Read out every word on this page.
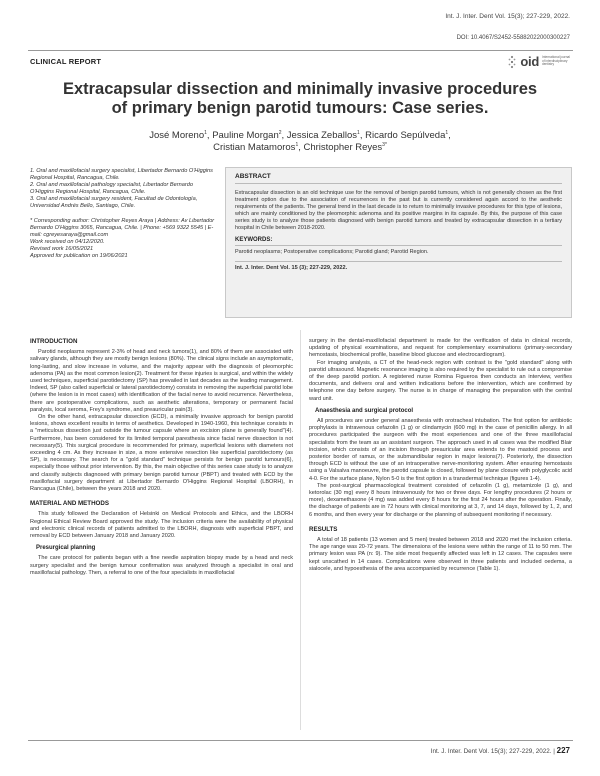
Int. J. Inter. Dent Vol. 15(3); 227-229, 2022.
DOI: 10.4067/S2452-55882022000300227
CLINICAL REPORT	oid International journal of interdisciplinary dentistry
Extracapsular dissection and minimally invasive procedures
of primary benign parotid tumours: Case series.
José Moreno$^1$, Pauline Morgan$^2$, Jessica Zeballos$^1$, Ricardo Sepúlveda$^1$,
Cristian Matamoros$^1$, Christopher Reyes$^{3*}$

1. Oral and maxillofacial surgery specialist, Libertador Bernardo O'Higgins Regional Hospital, Rancagua, Chile.

2. Oral and maxillofacial pathology specialist, Libertador Bernardo O'Higgins Regional Hospital, Rancagua, Chile.

3. Oral and maxillofacial surgery resident, Facultad de Odontología, Universidad Andrés Bello, Santiago, Chile.

* Corresponding author: Christopher Reyes Araya | Address: Av Libertador Bernardo O'Higgins 3065, Rancagua, Chile. | Phone: +569 9322 5545 | E-mail: cgreyesaraya@gmail.com

Work received on 04/12/2020.

Revised work 16/05/2021

Approved for publication on 19/06/2021

ABSTRACT
Extracapsular dissection is an old technique use for the removal of benign parotid tumours, which is not generally chosen as the first treatment option due to the association of recurrences in the past but is currently considered again accord to the aesthetic requirements of the patients. The general trend in the last decade is to return to minimally invasive procedures for this type of lesions, which are mainly conditioned by the pleomorphic adenoma and its positive margins in its capsule. By this, the purpose of this case series study is to analyze those patients diagnosed with benign parotid tumors and treated by extracapsular dissection in a tertiary hospital in Chile between 2018-2020.
KEYWORDS:
Parotid neoplasms; Postoperative complications; Parotid gland; Parotid Region.
Int. J. Inter. Dent Vol. 15 (3); 227-229, 2022.
INTRODUCTION

Parotid neoplasms represent 2-3% of head and neck tumors(1), and 80% of them are associated with salivary glands, although they are mostly benign lesions (80%). The clinical signs include an asymptomatic, long-lasting, and slow increase in volume, and the majority appear with the diagnosis of pleomorphic adenoma (PA) as the most common lesion(2). Treatment for these injuries is surgical, and within the widely used techniques, superficial parotidectomy (SP) has prevailed in last decades as the leading management. Indeed, SP (also called superficial or lateral parotidectomy) consists in removing the superficial parotid lobe (where the lesion is in most cases) with identification of the facial nerve to avoid recurrence. Nevertheless, there are postoperative complications, such as aesthetic alterations, temporary or permanent facial paralysis, local seroma, Frey's syndrome, and preauricular pain(3).

On the other hand, extracapsular dissection (ECD), a minimally invasive approach for benign parotid lesions, shows excellent results in terms of aesthetics. Developed in 1940-1960, this technique consists in a "meticulous dissection just outside the tumour capsule where an excision plane is generally found"(4). Furthermore, has been considered for its limited temporal paresthesia since facial nerve dissection is not necessary(5). This surgical procedure is recommended for primary, superficial lesions with diameters not exceeding 4 cm. As they increase in size, a more extensive resection like superficial parotidectomy (as SP), is necessary. The search for a "gold standard" technique persists for benign parotid tumours(6), especially those without prior intervention. By this, the main objective of this series case study is to analyze and classify subjects diagnosed with primary benign parotid tumour (PBPT) and treated with ECD by the maxillofacial surgery department at Libertador Bernardo O'Higgins Regional Hospital (LBORH), in Rancagua (Chile), between the years 2018 and 2020.

MATERIAL AND METHODS

This study followed the Declaration of Helsinki on Medical Protocols and Ethics, and the LBORH Regional Ethical Review Board approved the study. The inclusion criteria were the availability of physical and electronic clinical records of patients admitted to the LBORH, diagnosis with superficial PBPT, and removal by ECD between January 2018 and January 2020.

Presurgical planning

The care protocol for patients began with a fine needle aspiration biopsy made by a head and neck surgery specialist and the benign tumour confirmation was analyzed through a specialist in oral and maxillofacial pathology. Then, a referral to one of the four specialists in maxillofacial

surgery in the dental-maxillofacial department is made for the verification of data in clinical records, updating of physical examinations, and request for complementary examinations (primary-secondary hemostasis, biochemical profile, baseline blood glucose and electrocardiogram).

For imaging analysis, a CT of the head-neck region with contrast is the "gold standard" along with parotid ultrasound. Magnetic resonance imaging is also required by the specialist to rule out a compromise of the deep parotid portion. A registered nurse Romina Figueroa then conducts an interview, verifies documents, and delivers oral and written indications before the intervention, which are confirmed by telephone one day before surgery. The nurse is in charge of managing the preparation with the central ward unit.

Anaesthesia and surgical protocol

All procedures are under general anaesthesia with orotracheal intubation. The first option for antibiotic prophylaxis is intravenous cefazolin (1 g) or clindamycin (600 mg) in the case of penicillin allergy. In all procedures participated the surgeon with the most experiences and one of the three maxillofacial specialists from the team as an assistant surgeon. The approach used in all cases was the modified Blair incision, which consists of an incision through preauricular area extends to the mastoid process and posterior border of ramus, or the submandibular region in major lesions(7). Posteriorly, the dissection through ECD is without the use of an intraoperative nerve-monitoring system. After ensuring hemostasis using a Valsalva manoeuvre, the parotid capsule is closed, followed by plane closure with polyglycolic acid 4-0. For the surface plane, Nylon 5-0 is the first option in a transdermal technique (figures 1-4).

The post-surgical pharmacological treatment consisted of cefazolin (1 g), metamizole (1 g), and ketorolac (30 mg) every 8 hours intravenously for two or three days. For lengthy procedures (2 hours or more), dexamethasone (4 mg) was added every 8 hours for the first 24 hours after the operation. Finally, the discharge of patients are in 72 hours with clinical monitoring at 3, 7, and 14 days, followed by 1, 2, and 6 months, and then every year for discharge or the planning of subsequent monitoring if necessary.

RESULTS

A total of 18 patients (13 women and 5 men) treated between 2018 and 2020 met the inclusion criteria. The age range was 20-72 years. The dimensions of the lesions were within the range of 11 to 50 mm. The primary lesion was PA (n: 9). The side most frequently affected was left in 12 cases. The capsules were kept unscathed in 14 cases. Complications were observed in three patients and included oedema, a sialocele, and hypoesthesia of the area accompanied by recurrence (Table 1).

Int. J. Inter. Dent Vol. 15(3); 227-229, 2022. | 227
